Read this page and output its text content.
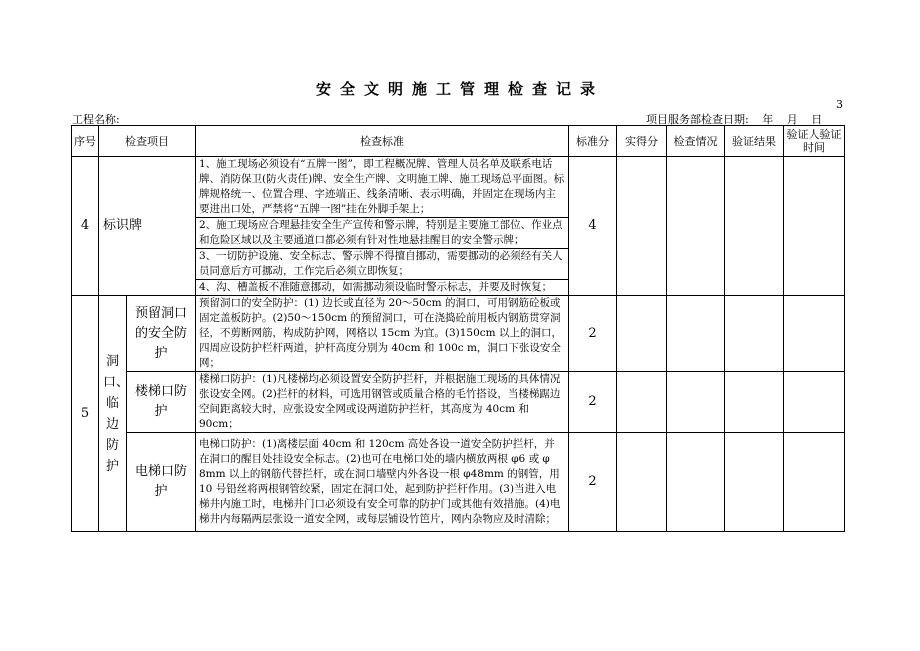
安全文明施工管理检查记录
3
工程名称:	项目服务部检查日期: 年 月 日
序号	检查项目		检查标准	标准分	实得分	检查情况	验证结果	验证人验证时间
4	标识牌		1、施工现场必须设有“五牌一图”，即工程概况牌、管理人员名单及联系电话牌、消防保卫(防火责任)牌、安全生产牌、文明施工牌、施工现场总平面图。标牌规格统一、位置合理、字迹端正、线条清晰、表示明确，并固定在现场内主要进出口处，严禁将“五牌一图”挂在外脚手架上；	4				
			2、施工现场应合理悬挂安全生产宣传和警示牌，特别是主要施工部位、作业点和危险区域以及主要通道口都必须有针对性地悬挂醒目的安全警示牌；					
			3、一切防护设施、安全标志、警示牌不得擅自挪动，需要挪动的必须经有关人员同意后方可挪动，工作完后必须立即恢复；					
			4、沟、槽盖板不准随意挪动，如需挪动须设临时警示标志，并要及时恢复；					
5	洞口、临边防护	预留洞口的安全防护	预留洞口的安全防护：(1) 边长或直径为 20～50cm 的洞口，可用钢筋砼板或固定盖板防护。(2)50～150cm 的预留洞口，可在浇捣砼前用板内钢筋贯穿洞径，不剪断网筋，构成防护网，网格以 15cm 为宜。(3)150cm 以上的洞口，四周应设防护栏杆两道，护杆高度分别为 40cm 和 100c m，洞口下张设安全网；	2				
		楼梯口防护	楼梯口防护：(1)凡楼梯均必须设置安全防护拦杆，并根据施工现场的具体情况张设安全网。(2)拦杆的材料，可选用钢管或质量合格的毛竹搭设，当楼梯踞边空间距离较大时，应张设安全网或设两道防护拦杆，其高度为 40cm 和 90cm；	2				
		电梯口防护	电梯口防护：(1)离楼层面 40cm 和 120cm 高处各设一道安全防护拦杆，并在洞口的醒目处挂设安全标志。(2)也可在电梯口处的墙内横放两根 φ6 或 φ 8mm 以上的钢筋代替拦杆，或在洞口墙壁内外各设一根 φ48mm 的钢管，用 10 号铅丝将两根钢管绞紧，固定在洞口处，起到防护拦杆作用。(3)当进入电梯井内施工时，电梯井门口必须设有安全可靠的防护门或其他有效措施。(4)电梯井内每隔两层张设一道安全网，或每层铺设竹笆片，网内杂物应及时清除；	2				
